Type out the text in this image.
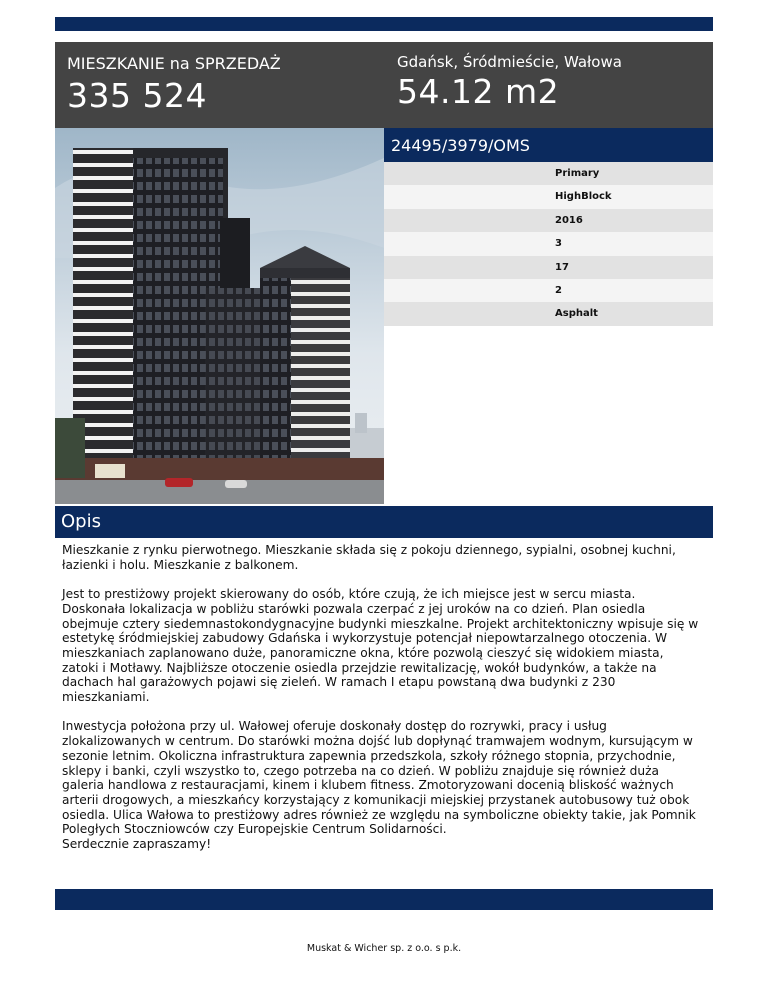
MIESZKANIE na SPRZEDAŻ
335 524
Gdańsk, Śródmieście, Wałowa
54.12 m2
24495/3979/OMS
Primary
HighBlock
2016
3
17
2
Asphalt
Opis

Mieszkanie z rynku pierwotnego. Mieszkanie składa się z pokoju dziennego, sypialni, osobnej kuchni, łazienki i holu. Mieszkanie z balkonem.

Jest to prestiżowy projekt skierowany do osób, które czują, że ich miejsce jest w sercu miasta. Doskonała lokalizacja w pobliżu starówki pozwala czerpać z jej uroków na co dzień. Plan osiedla obejmuje cztery siedemnastokondygnacyjne budynki mieszkalne. Projekt architektoniczny wpisuje się w estetykę śródmiejskiej zabudowy Gdańska i wykorzystuje potencjał niepowtarzalnego otoczenia. W mieszkaniach zaplanowano duże, panoramiczne okna, które pozwolą cieszyć się widokiem miasta, zatoki i Motławy. Najbliższe otoczenie osiedla przejdzie rewitalizację, wokół budynków, a także na dachach hal garażowych pojawi się zieleń. W ramach I etapu powstaną dwa budynki z 230 mieszkaniami.

Inwestycja położona przy ul. Wałowej oferuje doskonały dostęp do rozrywki, pracy i usług zlokalizowanych w centrum. Do starówki można dojść lub dopłynąć tramwajem wodnym, kursującym w sezonie letnim. Okoliczna infrastruktura zapewnia przedszkola, szkoły różnego stopnia, przychodnie, sklepy i banki, czyli wszystko to, czego potrzeba na co dzień. W pobliżu znajduje się również duża galeria handlowa z restauracjami, kinem i klubem fitness. Zmotoryzowani docenią bliskość ważnych arterii drogowych, a mieszkańcy korzystający z komunikacji miejskiej przystanek autobusowy tuż obok osiedla. Ulica Wałowa to prestiżowy adres również ze względu na symboliczne obiekty takie, jak Pomnik Poległych Stoczniowców czy Europejskie Centrum Solidarności.

Serdecznie zapraszamy!

Muskat & Wicher sp. z o.o. s p.k.
